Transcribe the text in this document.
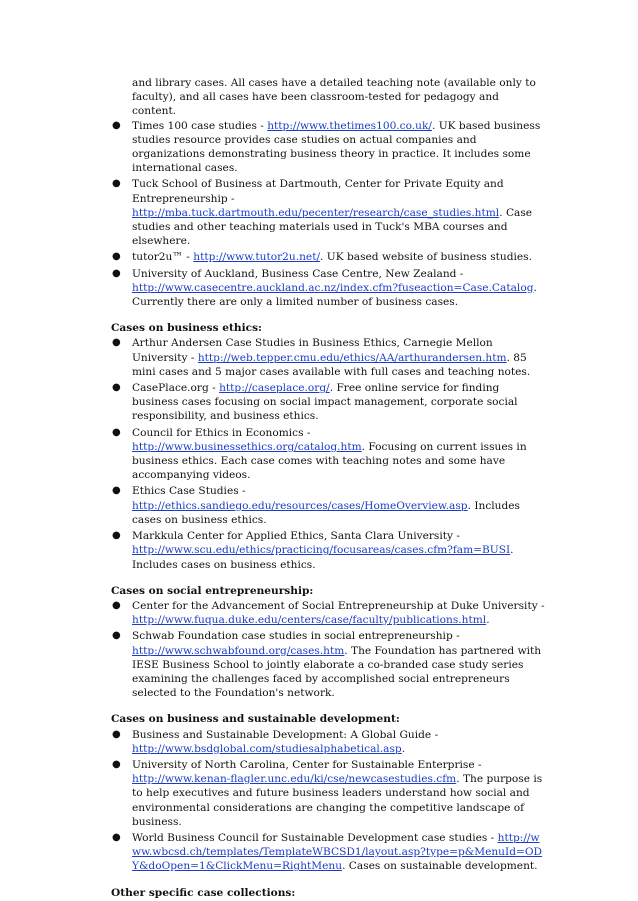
and library cases. All cases have a detailed teaching note (available only to faculty), and all cases have been classroom-tested for pedagogy and content.
● Times 100 case studies - http://www.thetimes100.co.uk/. UK based business studies resource provides case studies on actual companies and organizations demonstrating business theory in practice. It includes some international cases.
● Tuck School of Business at Dartmouth, Center for Private Equity and Entrepreneurship - http://mba.tuck.dartmouth.edu/pecenter/research/case_studies.html. Case studies and other teaching materials used in Tuck's MBA courses and elsewhere.
● tutor2u™ - http://www.tutor2u.net/. UK based website of business studies.
● University of Auckland, Business Case Centre, New Zealand - http://www.casecentre.auckland.ac.nz/index.cfm?fuseaction=Case.Catalog. Currently there are only a limited number of business cases.
Cases on business ethics:
● Arthur Andersen Case Studies in Business Ethics, Carnegie Mellon University - http://web.tepper.cmu.edu/ethics/AA/arthurandersen.htm. 85 mini cases and 5 major cases available with full cases and teaching notes.
● CasePlace.org - http://caseplace.org/. Free online service for finding business cases focusing on social impact management, corporate social responsibility, and business ethics.
● Council for Ethics in Economics - http://www.businessethics.org/catalog.htm. Focusing on current issues in business ethics. Each case comes with teaching notes and some have accompanying videos.
● Ethics Case Studies - http://ethics.sandiego.edu/resources/cases/HomeOverview.asp. Includes cases on business ethics.
● Markkula Center for Applied Ethics, Santa Clara University - http://www.scu.edu/ethics/practicing/focusareas/cases.cfm?fam=BUSI. Includes cases on business ethics.
Cases on social entrepreneurship:
● Center for the Advancement of Social Entrepreneurship at Duke University - http://www.fuqua.duke.edu/centers/case/faculty/publications.html.
● Schwab Foundation case studies in social entrepreneurship - http://www.schwabfound.org/cases.htm. The Foundation has partnered with IESE Business School to jointly elaborate a co-branded case study series examining the challenges faced by accomplished social entrepreneurs selected to the Foundation's network.
Cases on business and sustainable development:
● Business and Sustainable Development: A Global Guide - http://www.bsdglobal.com/studiesalphabetical.asp.
● University of North Carolina, Center for Sustainable Enterprise - http://www.kenan-flagler.unc.edu/ki/cse/newcasestudies.cfm. The purpose is to help executives and future business leaders understand how social and environmental considerations are changing the competitive landscape of business.
● World Business Council for Sustainable Development case studies - http://www.wbcsd.ch/templates/TemplateWBCSD1/layout.asp?type=p&MenuId=ODY&doOpen=1&ClickMenu=RightMenu. Cases on sustainable development.
Other specific case collections:
